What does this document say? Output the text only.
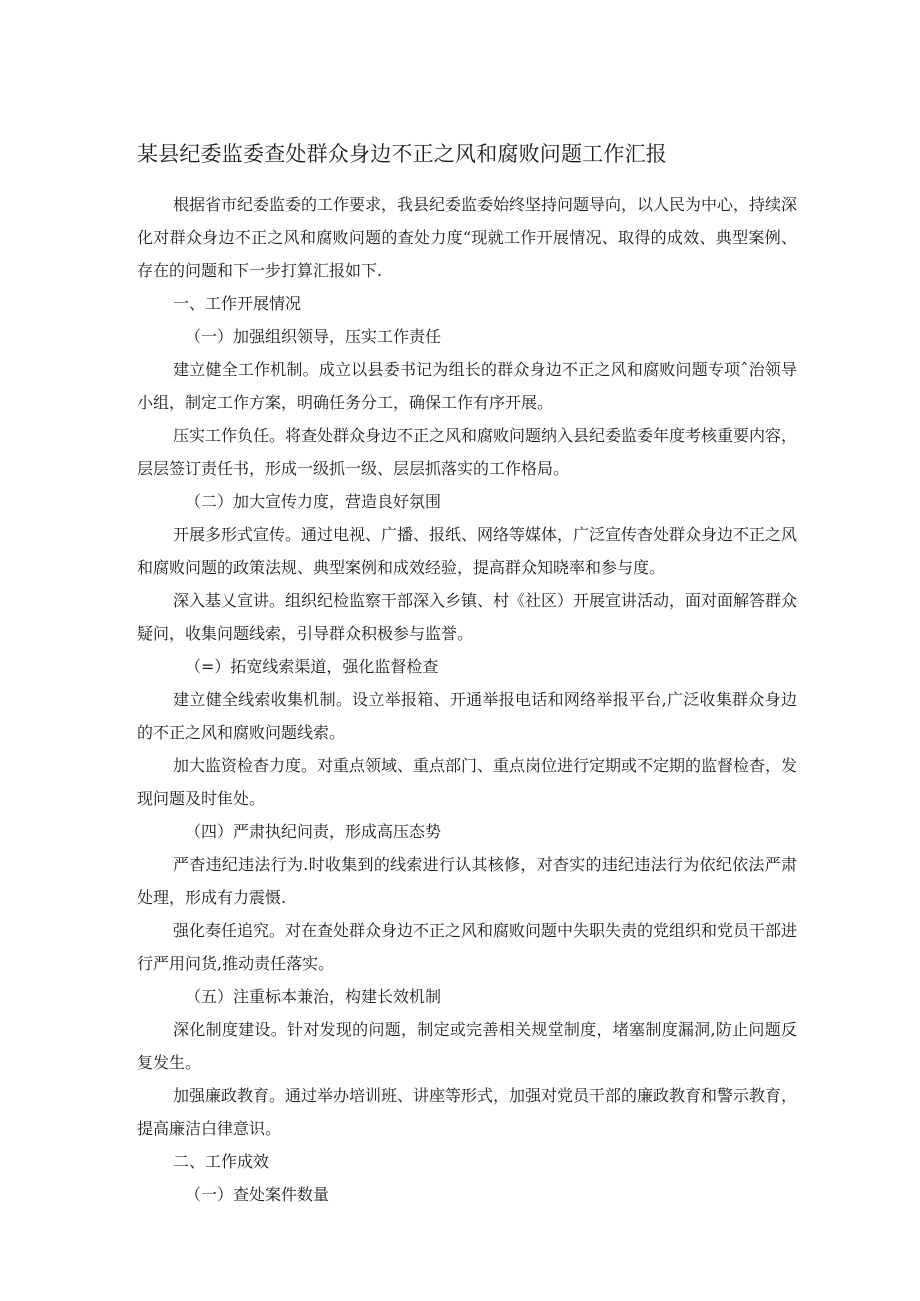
某县纪委监委查处群众身边不正之风和腐败问题工作汇报

根据省市纪委监委的工作要求，我县纪委监委始终坚持问题导向，以人民为中心，持续深化对群众身边不正之风和腐败问题的查处力度“现就工作开展情况、取得的成效、典型案例、存在的问题和下一步打算汇报如下.

一、工作开展情况

（一）加强组织领导，压实工作责任

建立健全工作机制。成立以县委书记为组长的群众身边不正之风和腐败问题专项ˆ治领导小组，制定工作方案，明确任务分工，确保工作有序开展。

压实工作负任。将查处群众身边不正之风和腐败问题纳入县纪委监委年度考核重要内容，层层签订责任书，形成一级抓一级、层层抓落实的工作格局。

（二）加大宣传力度，营造良好氛围

开展多形式宣传。通过电视、广播、报纸、网络等媒体，广泛宣传杳处群众身边不正之风和腐败问题的政策法规、典型案例和成效经验，提高群众知晓率和参与度。

深入基乂宣讲。组织纪检监察干部深入乡镇、村《社区）开展宣讲活动，面对面解答群众疑问，收集问题线索，引导群众积极参与监誉。

（=）拓宽线索渠道，强化监督检查

建立健全线索收集机制。设立举报箱、开通举报电话和网络举报平台,广泛收集群众身边的不正之风和腐败问题线索。

加大监资检杳力度。对重点领域、重点部门、重点岗位进行定期或不定期的监督检杳，发现问题及时隹处。

（四）严肃执纪问责，形成高压态势

严杳违纪违法行为.时收集到的线索进行认其核修，对杳实的违纪违法行为依纪依法严肃处理，形成有力震慑.

强化奏任追究。对在查处群众身边不正之风和腐败问题中失职失责的党组织和党员干部进行严用问货,推动责任落实。

（五）注重标本兼治，构建长效机制

深化制度建设。针对发现的问题，制定或完善相关规堂制度，堵塞制度漏洞,防止问题反复发生。

加强廉政教育。通过举办培训班、讲座等形式，加强对党员干部的廉政教育和警示教育，提高廉洁白律意识。

二、工作成效

（一）查处案件数量
